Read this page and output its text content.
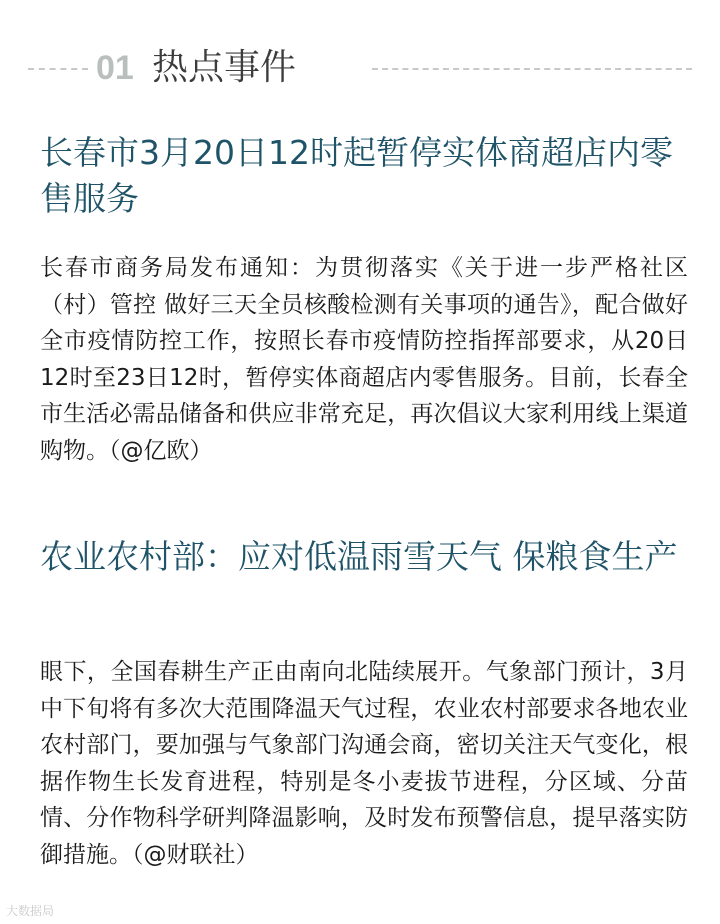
01 热点事件
长春市3月20日12时起暂停实体商超店内零售服务

长春市商务局发布通知：为贯彻落实《关于进一步严格社区（村）管控 做好三天全员核酸检测有关事项的通告》，配合做好全市疫情防控工作，按照长春市疫情防控指挥部要求，从20日12时至23日12时，暂停实体商超店内零售服务。目前，长春全市生活必需品储备和供应非常充足，再次倡议大家利用线上渠道购物。（@亿欧）

农业农村部：应对低温雨雪天气 保粮食生产

眼下，全国春耕生产正由南向北陆续展开。气象部门预计，3月中下旬将有多次大范围降温天气过程，农业农村部要求各地农业农村部门，要加强与气象部门沟通会商，密切关注天气变化，根据作物生长发育进程，特别是冬小麦拔节进程，分区域、分苗情、分作物科学研判降温影响，及时发布预警信息，提早落实防御措施。（@财联社）

大数据局
